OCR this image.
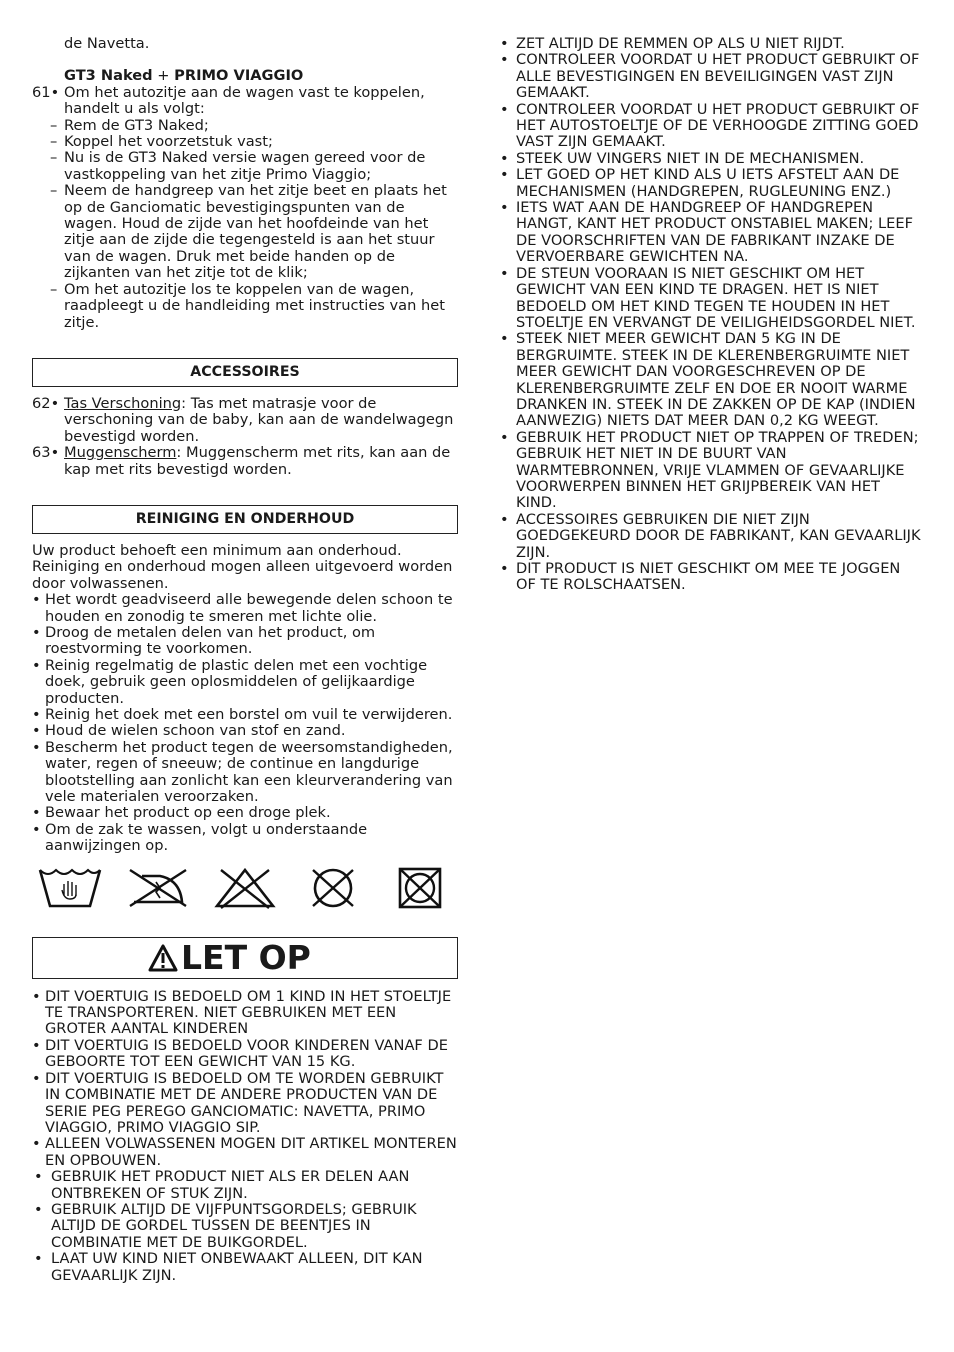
de Navetta.
GT3 Naked + PRIMO VIAGGIO
61• Om het autozitje aan de wagen vast te koppelen, handelt u als volgt:
– Rem de GT3 Naked;
– Koppel het voorzetstuk vast;
– Nu is de GT3 Naked versie wagen gereed voor de vastkoppeling van het zitje Primo Viaggio;
– Neem de handgreep van het zitje beet en plaats het op de Ganciomatic bevestigingspunten van de wagen. Houd de zijde van het hoofdeinde van het zitje aan de zijde die tegengesteld is aan het stuur van de wagen. Druk met beide handen op de zijkanten van het zitje tot de klik;
– Om het autozitje los te koppelen van de wagen, raadpleegt u de handleiding met instructies van het zitje.
ACCESSOIRES
62• Tas Verschoning: Tas met matrasje voor de verschoning van de baby, kan aan de wandelwagegn bevestigd worden.
63• Muggenscherm: Muggenscherm met rits, kan aan de kap met rits bevestigd worden.
REINIGING EN ONDERHOUD
Uw product behoeft een minimum aan onderhoud. Reiniging en onderhoud mogen alleen uitgevoerd worden door volwassenen.
• Het wordt geadviseerd alle bewegende delen schoon te houden en zonodig te smeren met lichte olie.
• Droog de metalen delen van het product, om roestvorming te voorkomen.
• Reinig regelmatig de plastic delen met een vochtige doek, gebruik geen oplosmiddelen of gelijkaardige producten.
• Reinig het doek met een borstel om vuil te verwijderen.
• Houd de wielen schoon van stof en zand.
• Bescherm het product tegen de weersomstandigheden, water, regen of sneeuw; de continue en langdurige blootstelling aan zonlicht kan een kleurverandering van vele materialen veroorzaken.
• Bewaar het product op een droge plek.
• Om de zak te wassen, volgt u onderstaande aanwijzingen op.
LET OP
• DIT VOERTUIG IS BEDOELD OM 1 KIND IN HET STOELTJE TE TRANSPORTEREN. NIET GEBRUIKEN MET EEN GROTER AANTAL KINDEREN
• DIT VOERTUIG IS BEDOELD VOOR KINDEREN VANAF DE GEBOORTE TOT EEN GEWICHT VAN 15 KG.
• DIT VOERTUIG IS BEDOELD OM TE WORDEN GEBRUIKT IN COMBINATIE MET DE ANDERE PRODUCTEN VAN DE SERIE PEG PEREGO GANCIOMATIC: NAVETTA, PRIMO VIAGGIO, PRIMO VIAGGIO SIP.
• ALLEEN VOLWASSENEN MOGEN DIT ARTIKEL MONTEREN EN OPBOUWEN.
• GEBRUIK HET PRODUCT NIET ALS ER DELEN AAN ONTBREKEN OF STUK ZIJN.
• GEBRUIK ALTIJD DE VIJFPUNTSGORDELS; GEBRUIK ALTIJD DE GORDEL TUSSEN DE BEENTJES IN COMBINATIE MET DE BUIKGORDEL.
• LAAT UW KIND NIET ONBEWAAKT ALLEEN, DIT KAN GEVAARLIJK ZIJN.
• ZET ALTIJD DE REMMEN OP ALS U NIET RIJDT.
• CONTROLEER VOORDAT U HET PRODUCT GEBRUIKT OF ALLE BEVESTIGINGEN EN BEVEILIGINGEN VAST ZIJN GEMAAKT.
• CONTROLEER VOORDAT U HET PRODUCT GEBRUIKT OF HET AUTOSTOELTJE OF DE VERHOOGDE ZITTING GOED VAST ZIJN GEMAAKT.
• STEEK UW VINGERS NIET IN DE MECHANISMEN.
• LET GOED OP HET KIND ALS U IETS AFSTELT AAN DE MECHANISMEN (HANDGREPEN, RUGLEUNING ENZ.)
• IETS WAT AAN DE HANDGREEP OF HANDGREPEN HANGT, KANT HET PRODUCT ONSTABIEL MAKEN; LEEF DE VOORSCHRIFTEN VAN DE FABRIKANT INZAKE DE VERVOERBARE GEWICHTEN NA.
• DE STEUN VOORAAN IS NIET GESCHIKT OM HET GEWICHT VAN EEN KIND TE DRAGEN. HET IS NIET BEDOELD OM HET KIND TEGEN TE HOUDEN IN HET STOELTJE EN VERVANGT DE VEILIGHEIDSGORDEL NIET.
• STEEK NIET MEER GEWICHT DAN 5 KG IN DE BERGRUIMTE. STEEK IN DE KLERENBERGRUIMTE NIET MEER GEWICHT DAN VOORGESCHREVEN OP DE KLERENBERGRUIMTE ZELF EN DOE ER NOOIT WARME DRANKEN IN. STEEK IN DE ZAKKEN OP DE KAP (INDIEN AANWEZIG) NIETS DAT MEER DAN 0,2 KG WEEGT.
• GEBRUIK HET PRODUCT NIET OP TRAPPEN OF TREDEN; GEBRUIK HET NIET IN DE BUURT VAN WARMTEBRONNEN, VRIJE VLAMMEN OF GEVAARLIJKE VOORWERPEN BINNEN HET GRIJPBEREIK VAN HET KIND.
• ACCESSOIRES GEBRUIKEN DIE NIET ZIJN GOEDGEKEURD DOOR DE FABRIKANT, KAN GEVAARLIJK ZIJN.
• DIT PRODUCT IS NIET GESCHIKT OM MEE TE JOGGEN OF TE ROLSCHAATSEN.
